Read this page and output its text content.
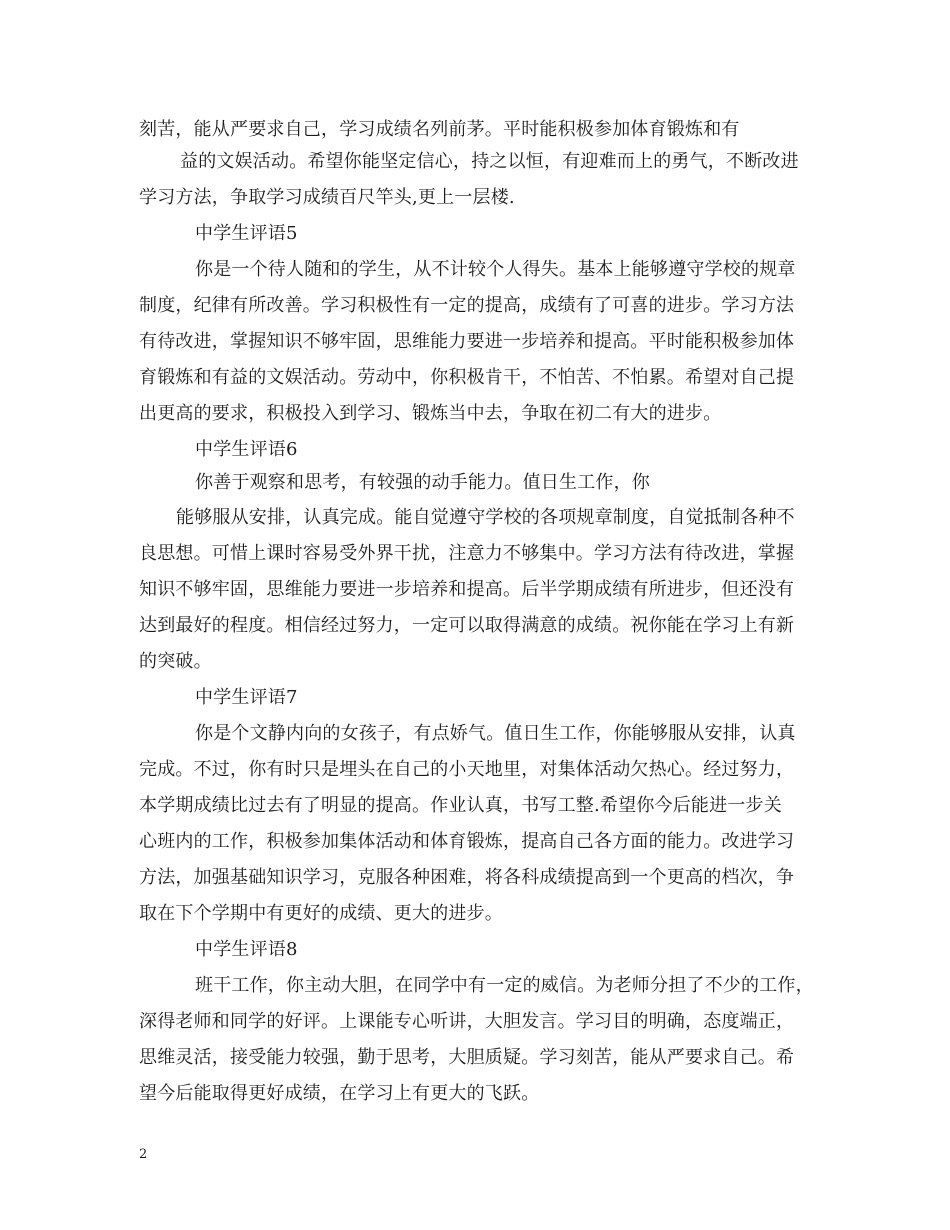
刻苦，能从严要求自己，学习成绩名列前茅。平时能积极参加体育锻炼和有
益的文娱活动。希望你能坚定信心，持之以恒，有迎难而上的勇气，不断改进
学习方法，争取学习成绩百尺竿头,更上一层楼.
中学生评语5
你是一个待人随和的学生，从不计较个人得失。基本上能够遵守学校的规章
制度，纪律有所改善。学习积极性有一定的提高，成绩有了可喜的进步。学习方法
有待改进，掌握知识不够牢固，思维能力要进一步培养和提高。平时能积极参加体
育锻炼和有益的文娱活动。劳动中，你积极肯干，不怕苦、不怕累。希望对自己提
出更高的要求，积极投入到学习、锻炼当中去，争取在初二有大的进步。
中学生评语6
你善于观察和思考，有较强的动手能力。值日生工作，你
能够服从安排，认真完成。能自觉遵守学校的各项规章制度，自觉抵制各种不
良思想。可惜上课时容易受外界干扰，注意力不够集中。学习方法有待改进，掌握
知识不够牢固，思维能力要进一步培养和提高。后半学期成绩有所进步，但还没有
达到最好的程度。相信经过努力，一定可以取得满意的成绩。祝你能在学习上有新
的突破。
中学生评语7
你是个文静内向的女孩子，有点娇气。值日生工作，你能够服从安排，认真
完成。不过，你有时只是埋头在自己的小天地里，对集体活动欠热心。经过努力，
本学期成绩比过去有了明显的提高。作业认真，书写工整.希望你今后能进一步关
心班内的工作，积极参加集体活动和体育锻炼，提高自己各方面的能力。改进学习
方法，加强基础知识学习，克服各种困难，将各科成绩提高到一个更高的档次，争
取在下个学期中有更好的成绩、更大的进步。
中学生评语8
班干工作，你主动大胆，在同学中有一定的威信。为老师分担了不少的工作，
深得老师和同学的好评。上课能专心听讲，大胆发言。学习目的明确，态度端正，
思维灵活，接受能力较强，勤于思考，大胆质疑。学习刻苦，能从严要求自己。希
望今后能取得更好成绩，在学习上有更大的飞跃。
2
